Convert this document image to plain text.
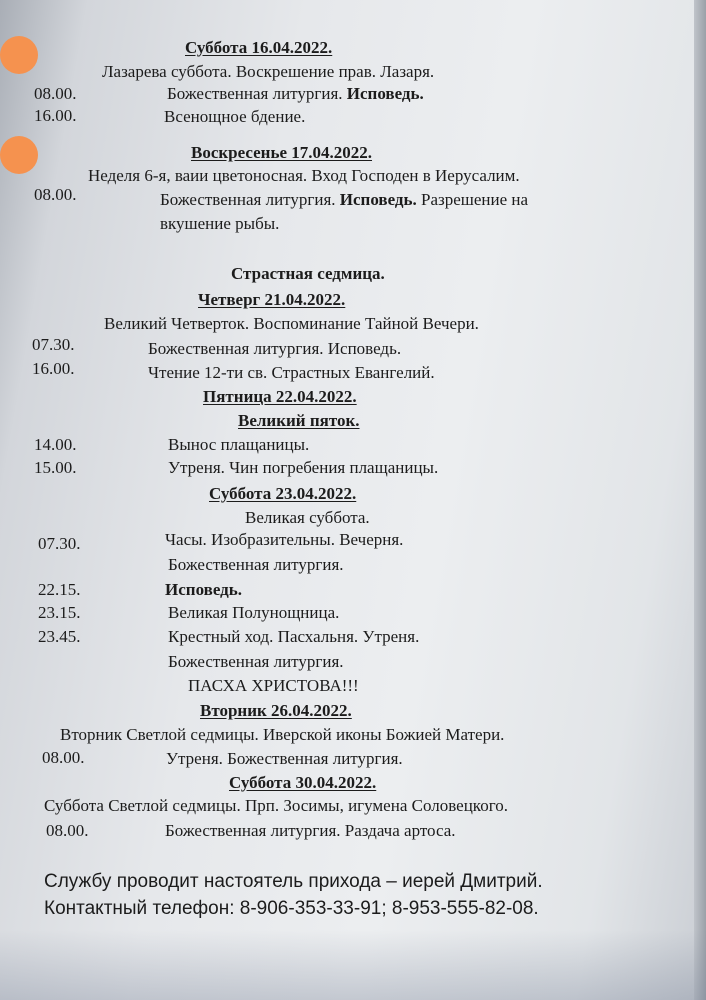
Суббота 16.04.2022.
Лазарева суббота. Воскрешение прав. Лазаря.
08.00.	Божественная литургия. Исповедь.
16.00.	Всенощное бдение.
Воскресенье 17.04.2022.
Неделя 6-я, ваии цветоносная. Вход Господен в Иерусалим.
08.00.	Божественная литургия. Исповедь. Разрешение на
вкушение рыбы.
Страстная седмица.
Четверг 21.04.2022.
Великий Четверток. Воспоминание Тайной Вечери.
07.30.	Божественная литургия. Исповедь.
16.00.	Чтение 12-ти св. Страстных Евангелий.
Пятница 22.04.2022.
Великий пяток.
14.00.	Вынос плащаницы.
15.00.	Утреня. Чин погребения плащаницы.
Суббота 23.04.2022.
Великая суббота.
07.30.	Часы. Изобразительны. Вечерня.
Божественная литургия.
22.15.	Исповедь.
23.15.	Великая Полунощница.
23.45.	Крестный ход. Пасхальня. Утреня.
Божественная литургия.
ПАСХА ХРИСТОВА!!!
Вторник 26.04.2022.
Вторник Светлой седмицы. Иверской иконы Божией Матери.
08.00.	Утреня. Божественная литургия.
Суббота 30.04.2022.
Суббота Светлой седмицы. Прп. Зосимы, игумена Соловецкого.
08.00.	Божественная литургия. Раздача артоса.
Службу проводит настоятель прихода – иерей Дмитрий.
Контактный телефон: 8-906-353-33-91; 8-953-555-82-08.
